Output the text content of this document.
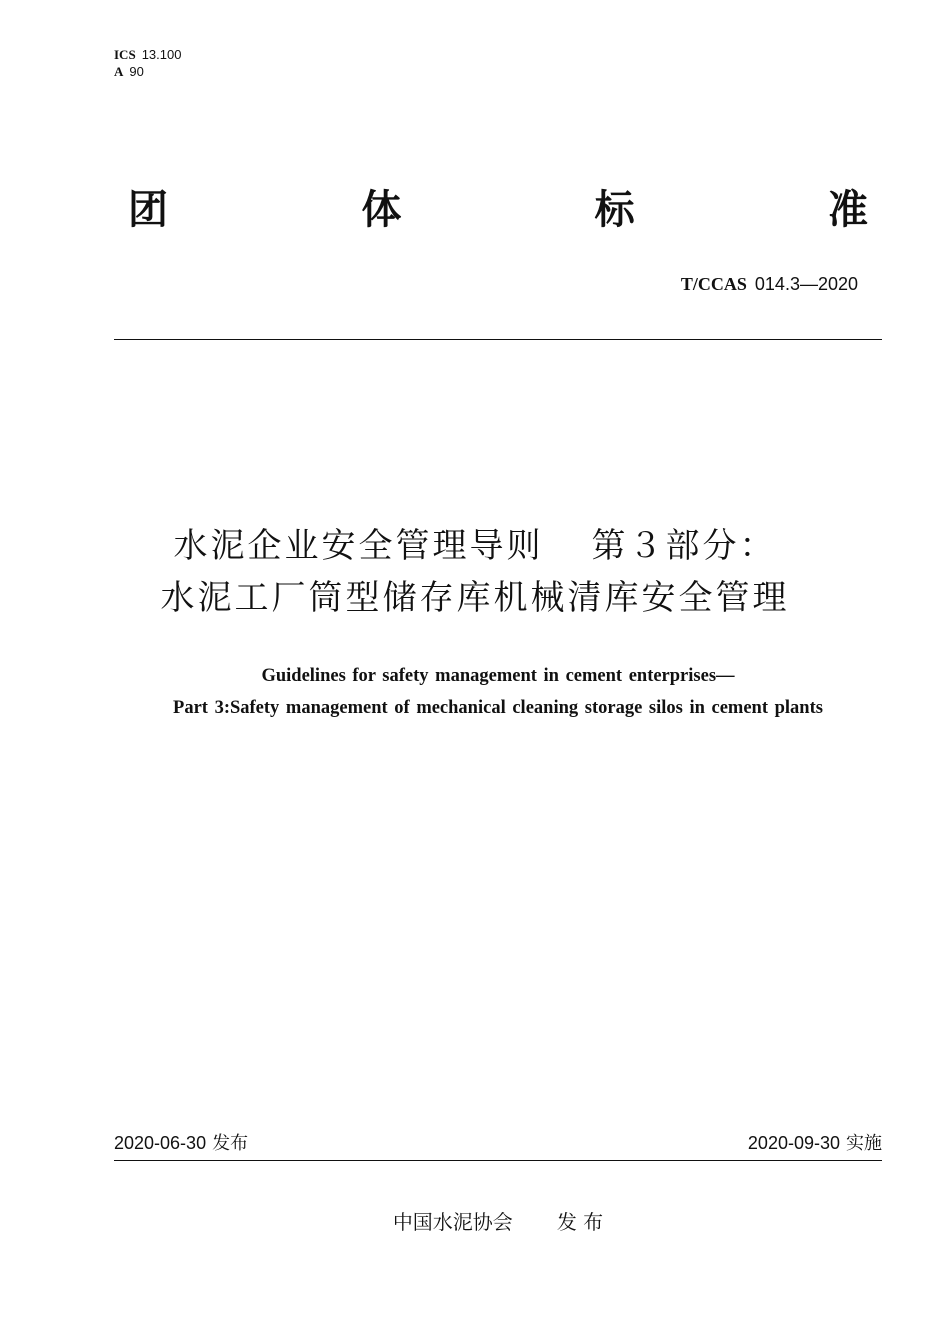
ICS 13.100
A 90
团	体	标	准
T/CCAS 014.3—2020
水泥企业安全管理导则 第３部分：
水泥工厂筒型储存库机械清库安全管理
Guidelines for safety management in cement enterprises—
Part 3:Safety management of mechanical cleaning storage silos in cement plants
2020-06-30 发布	2020-09-30 实施
中国水泥协会 发 布
